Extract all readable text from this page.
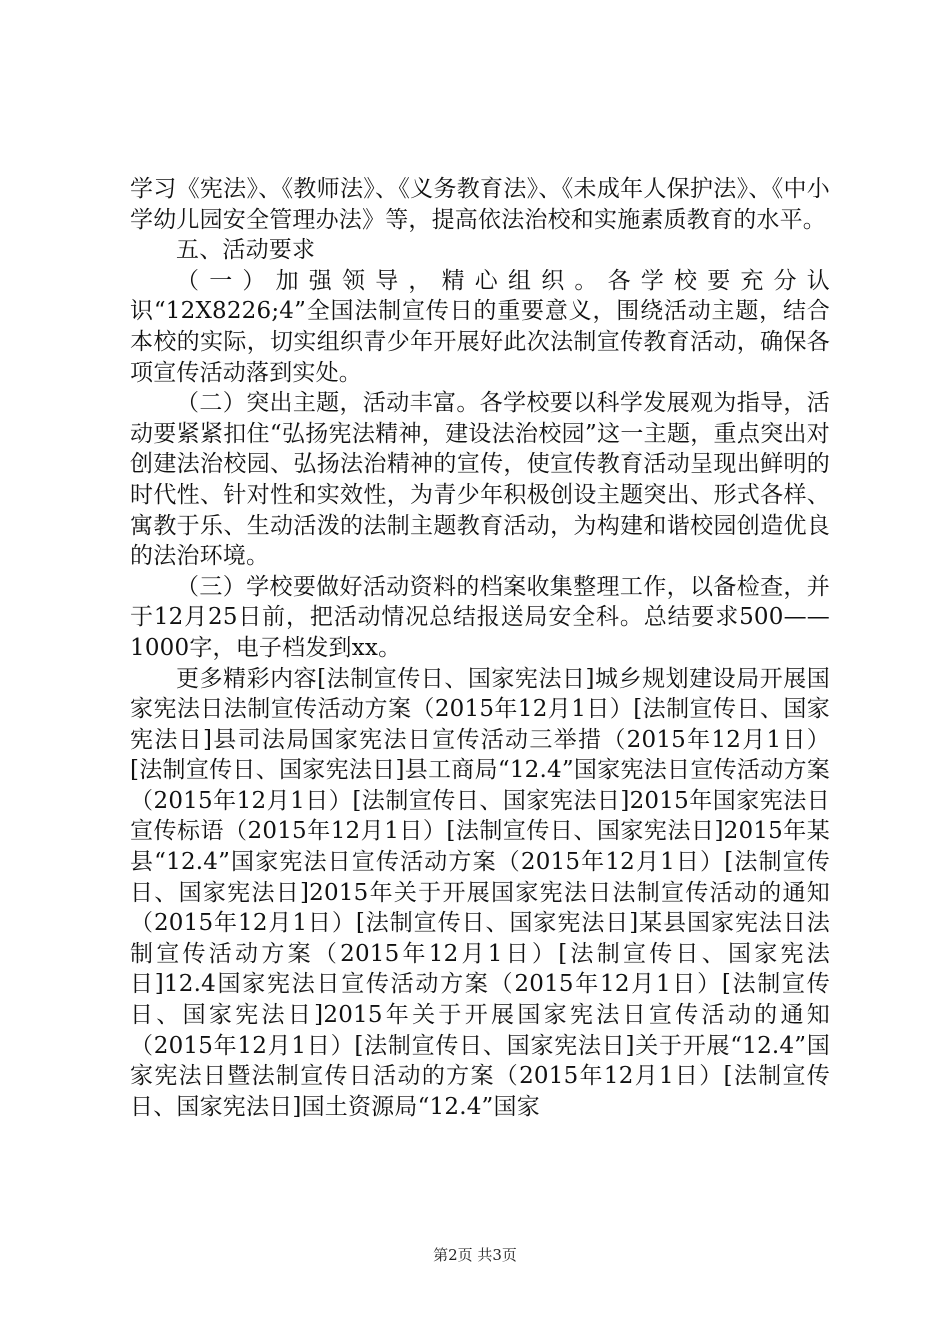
学习《宪法》、《教师法》、《义务教育法》、《未成年人保护法》、《中小学幼儿园安全管理办法》等，提高依法治校和实施素质教育的水平。

五、活动要求

（一）加强领导，精心组织。各学校要充分认识“12X8226;4”全国法制宣传日的重要意义，围绕活动主题，结合本校的实际，切实组织青少年开展好此次法制宣传教育活动，确保各项宣传活动落到实处。

（二）突出主题，活动丰富。各学校要以科学发展观为指导，活动要紧紧扣住“弘扬宪法精神，建设法治校园”这一主题，重点突出对创建法治校园、弘扬法治精神的宣传，使宣传教育活动呈现出鲜明的时代性、针对性和实效性，为青少年积极创设主题突出、形式各样、寓教于乐、生动活泼的法制主题教育活动，为构建和谐校园创造优良的法治环境。

（三）学校要做好活动资料的档案收集整理工作，以备检查，并于12月25日前，把活动情况总结报送局安全科。总结要求500——1000字，电子档发到xx。

更多精彩内容[法制宣传日、国家宪法日]城乡规划建设局开展国家宪法日法制宣传活动方案（2015年12月1日）[法制宣传日、国家宪法日]县司法局国家宪法日宣传活动三举措（2015年12月1日）[法制宣传日、国家宪法日]县工商局“12.4”国家宪法日宣传活动方案（2015年12月1日）[法制宣传日、国家宪法日]2015年国家宪法日宣传标语（2015年12月1日）[法制宣传日、国家宪法日]2015年某县“12.4”国家宪法日宣传活动方案（2015年12月1日）[法制宣传日、国家宪法日]2015年关于开展国家宪法日法制宣传活动的通知（2015年12月1日）[法制宣传日、国家宪法日]某县国家宪法日法制宣传活动方案（2015年12月1日）[法制宣传日、国家宪法日]12.4国家宪法日宣传活动方案（2015年12月1日）[法制宣传日、国家宪法日]2015年关于开展国家宪法日宣传活动的通知（2015年12月1日）[法制宣传日、国家宪法日]关于开展“12.4”国家宪法日暨法制宣传日活动的方案（2015年12月1日）[法制宣传日、国家宪法日]国土资源局“12.4”国家

第2页 共3页
